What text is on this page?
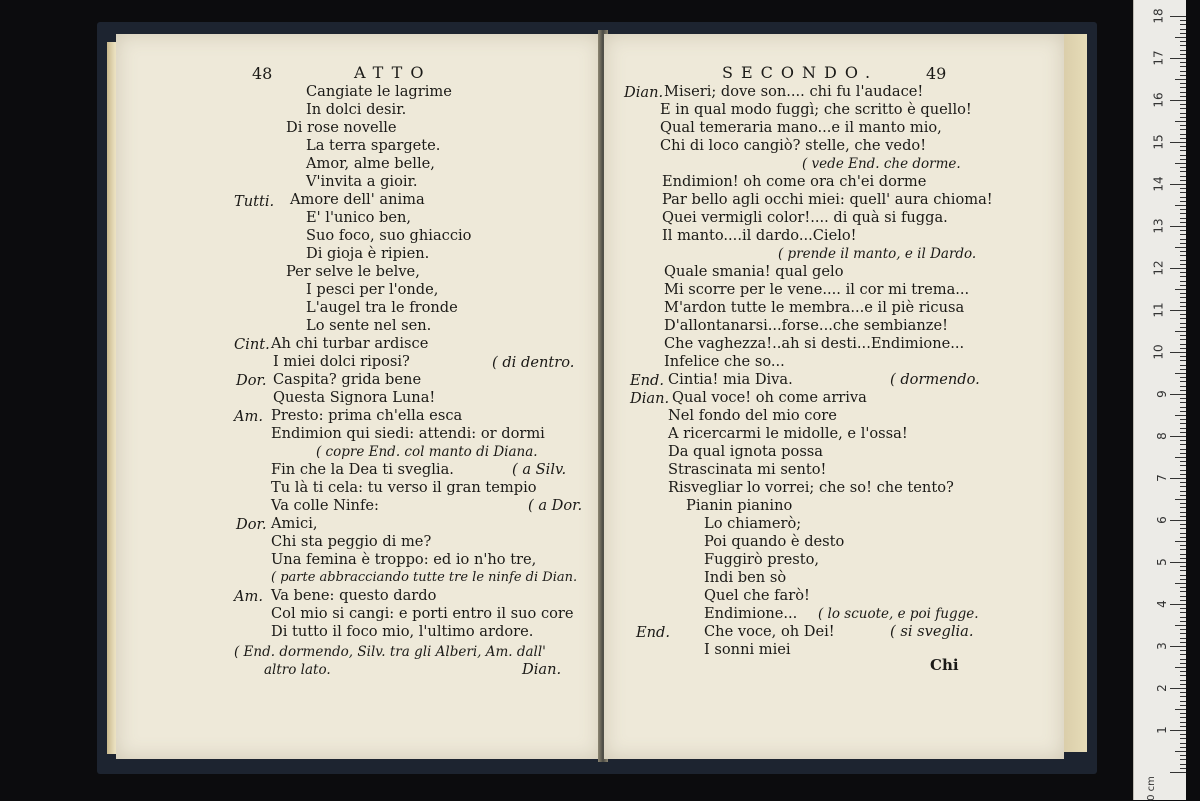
48	ATTO
Cangiate le lagrime
In dolci desir.
Di rose novelle
La terra spargete.
Amor, alme belle,
V'invita a gioir.
Tutti. Amore dell' anima
E' l'unico ben,
Suo foco, suo ghiaccio
Di gioja è ripien.
Per selve le belve,
I pesci per l'onde,
L'augel tra le fronde
Lo sente nel sen.
Cint. Ah chi turbar ardisce
I miei dolci riposi?	( di dentro.
Dor. Caspita? grida bene
Questa Signora Luna!
Am. Presto: prima ch'ella esca
Endimion qui siedi: attendi: or dormi
( copre End. col manto di Diana.
Fin che la Dea ti sveglia.	( a Silv.
Tu là ti cela: tu verso il gran tempio
Va colle Ninfe:	( a Dor.
Dor. Amici,
Chi sta peggio di me?
Una femina è troppo: ed io n'ho tre,
( parte abbracciando tutte tre le ninfe di Dian.
Am. Va bene: questo dardo
Col mio si cangi: e porti entro il suo core
Di tutto il foco mio, l'ultimo ardore.
( End. dormendo, Silv. tra gli Alberi, Am. dall'
altro lato.	Dian.
SECONDO.	49
Dian. Miseri; dove son.... chi fu l'audace!
E in qual modo fuggì; che scritto è quello!
Qual temeraria mano...e il manto mio,
Chi di loco cangiò? stelle, che vedo!
( vede End. che dorme.
Endimion! oh come ora ch'ei dorme
Par bello agli occhi miei: quell' aura chioma!
Quei vermigli color!.... di quà si fugga.
Il manto....il dardo...Cielo!
( prende il manto, e il Dardo.
Quale smania! qual gelo
Mi scorre per le vene.... il cor mi trema...
M'ardon tutte le membra...e il piè ricusa
D'allontanarsi...forse...che sembianze!
Che vaghezza!..ah si desti...Endimione...
Infelice che so...
End. Cintia! mia Diva.	( dormendo.
Dian. Qual voce! oh come arriva
Nel fondo del mio core
A ricercarmi le midolle, e l'ossa!
Da qual ignota possa
Strascinata mi sento!
Risvegliar lo vorrei; che so! che tento?
Pianin pianino
Lo chiamerò;
Poi quando è desto
Fuggirò presto,
Indi ben sò
Quel che farò!
Endimione... ( lo scuote, e poi fugge.
End. Che voce, oh Dei!	( si sveglia.
I sonni miei
Chi
0 cm
1
2
3
4
5
6
7
8
9
10
11
12
13
14
15
16
17
18
